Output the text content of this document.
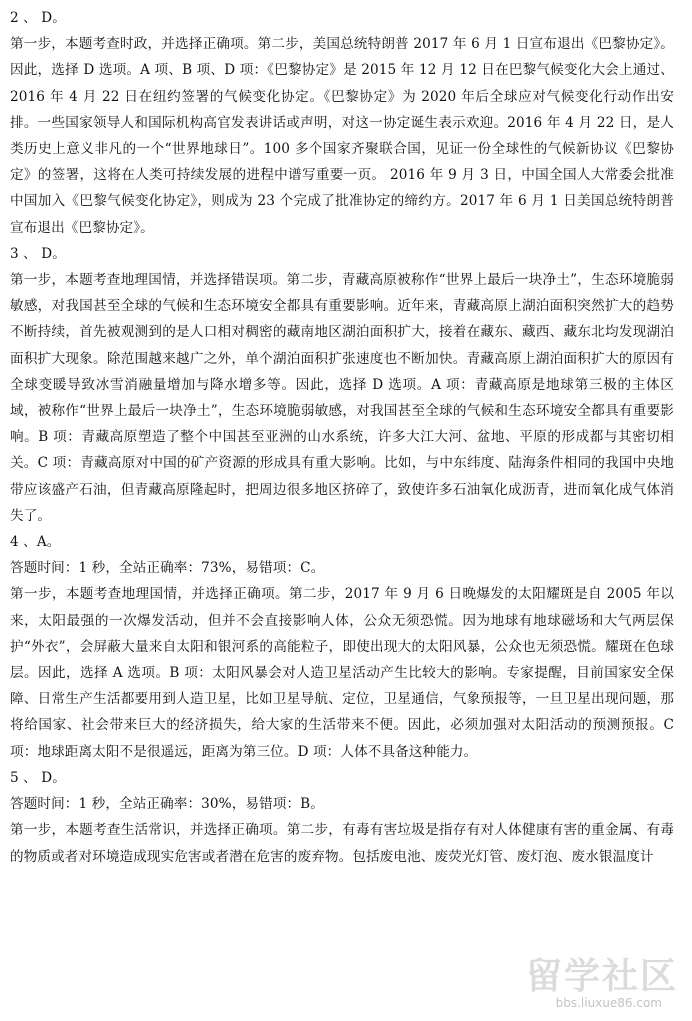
2 、 D。

第一步，本题考查时政，并选择正确项。第二步，美国总统特朗普 2017 年 6 月 1 日宣布退出《巴黎协定》。因此，选择 D 选项。A 项、B 项、D 项：《巴黎协定》是 2015 年 12 月 12 日在巴黎气候变化大会上通过、2016 年 4 月 22 日在纽约签署的气候变化协定。《巴黎协定》为 2020 年后全球应对气候变化行动作出安排。一些国家领导人和国际机构高官发表讲话或声明，对这一协定诞生表示欢迎。2016 年 4 月 22 日，是人类历史上意义非凡的一个“世界地球日”。100 多个国家齐聚联合国，见证一份全球性的气候新协议《巴黎协定》的签署，这将在人类可持续发展的进程中谱写重要一页。 2016 年 9 月 3 日，中国全国人大常委会批准中国加入《巴黎气候变化协定》，则成为 23 个完成了批准协定的缔约方。2017 年 6 月 1 日美国总统特朗普宣布退出《巴黎协定》。

3 、 D。

第一步，本题考查地理国情，并选择错误项。第二步，青藏高原被称作“世界上最后一块净土”，生态环境脆弱敏感，对我国甚至全球的气候和生态环境安全都具有重要影响。近年来，青藏高原上湖泊面积突然扩大的趋势不断持续，首先被观测到的是人口相对稠密的藏南地区湖泊面积扩大，接着在藏东、藏西、藏东北均发现湖泊面积扩大现象。除范围越来越广之外，单个湖泊面积扩张速度也不断加快。青藏高原上湖泊面积扩大的原因有全球变暖导致冰雪消融量增加与降水增多等。因此，选择 D 选项。A 项：青藏高原是地球第三极的主体区域，被称作“世界上最后一块净土”，生态环境脆弱敏感，对我国甚至全球的气候和生态环境安全都具有重要影响。B 项：青藏高原塑造了整个中国甚至亚洲的山水系统，许多大江大河、盆地、平原的形成都与其密切相关。C 项：青藏高原对中国的矿产资源的形成具有重大影响。比如，与中东纬度、陆海条件相同的我国中央地带应该盛产石油，但青藏高原隆起时，把周边很多地区挤碎了，致使许多石油氧化成沥青，进而氧化成气体消失了。

4 、A。

答题时间：1 秒，全站正确率：73%，易错项：C。

第一步，本题考查地理国情，并选择正确项。第二步，2017 年 9 月 6 日晚爆发的太阳耀斑是自 2005 年以来，太阳最强的一次爆发活动，但并不会直接影响人体，公众无须恐慌。因为地球有地球磁场和大气两层保护“外衣”，会屏蔽大量来自太阳和银河系的高能粒子，即使出现大的太阳风暴，公众也无须恐慌。耀斑在色球层。因此，选择 A 选项。B 项：太阳风暴会对人造卫星活动产生比较大的影响。专家提醒，目前国家安全保障、日常生产生活都要用到人造卫星，比如卫星导航、定位，卫星通信，气象预报等，一旦卫星出现问题，那将给国家、社会带来巨大的经济损失，给大家的生活带来不便。因此，必须加强对太阳活动的预测预报。C 项：地球距离太阳不是很遥远，距离为第三位。D 项：人体不具备这种能力。

5 、 D。

答题时间：1 秒，全站正确率：30%，易错项：B。

第一步，本题考查生活常识，并选择正确项。第二步，有毒有害垃圾是指存有对人体健康有害的重金属、有毒的物质或者对环境造成现实危害或者潜在危害的废弃物。包括废电池、废荧光灯管、废灯泡、废水银温度计

留学社区
bbs.liuxue86.com
